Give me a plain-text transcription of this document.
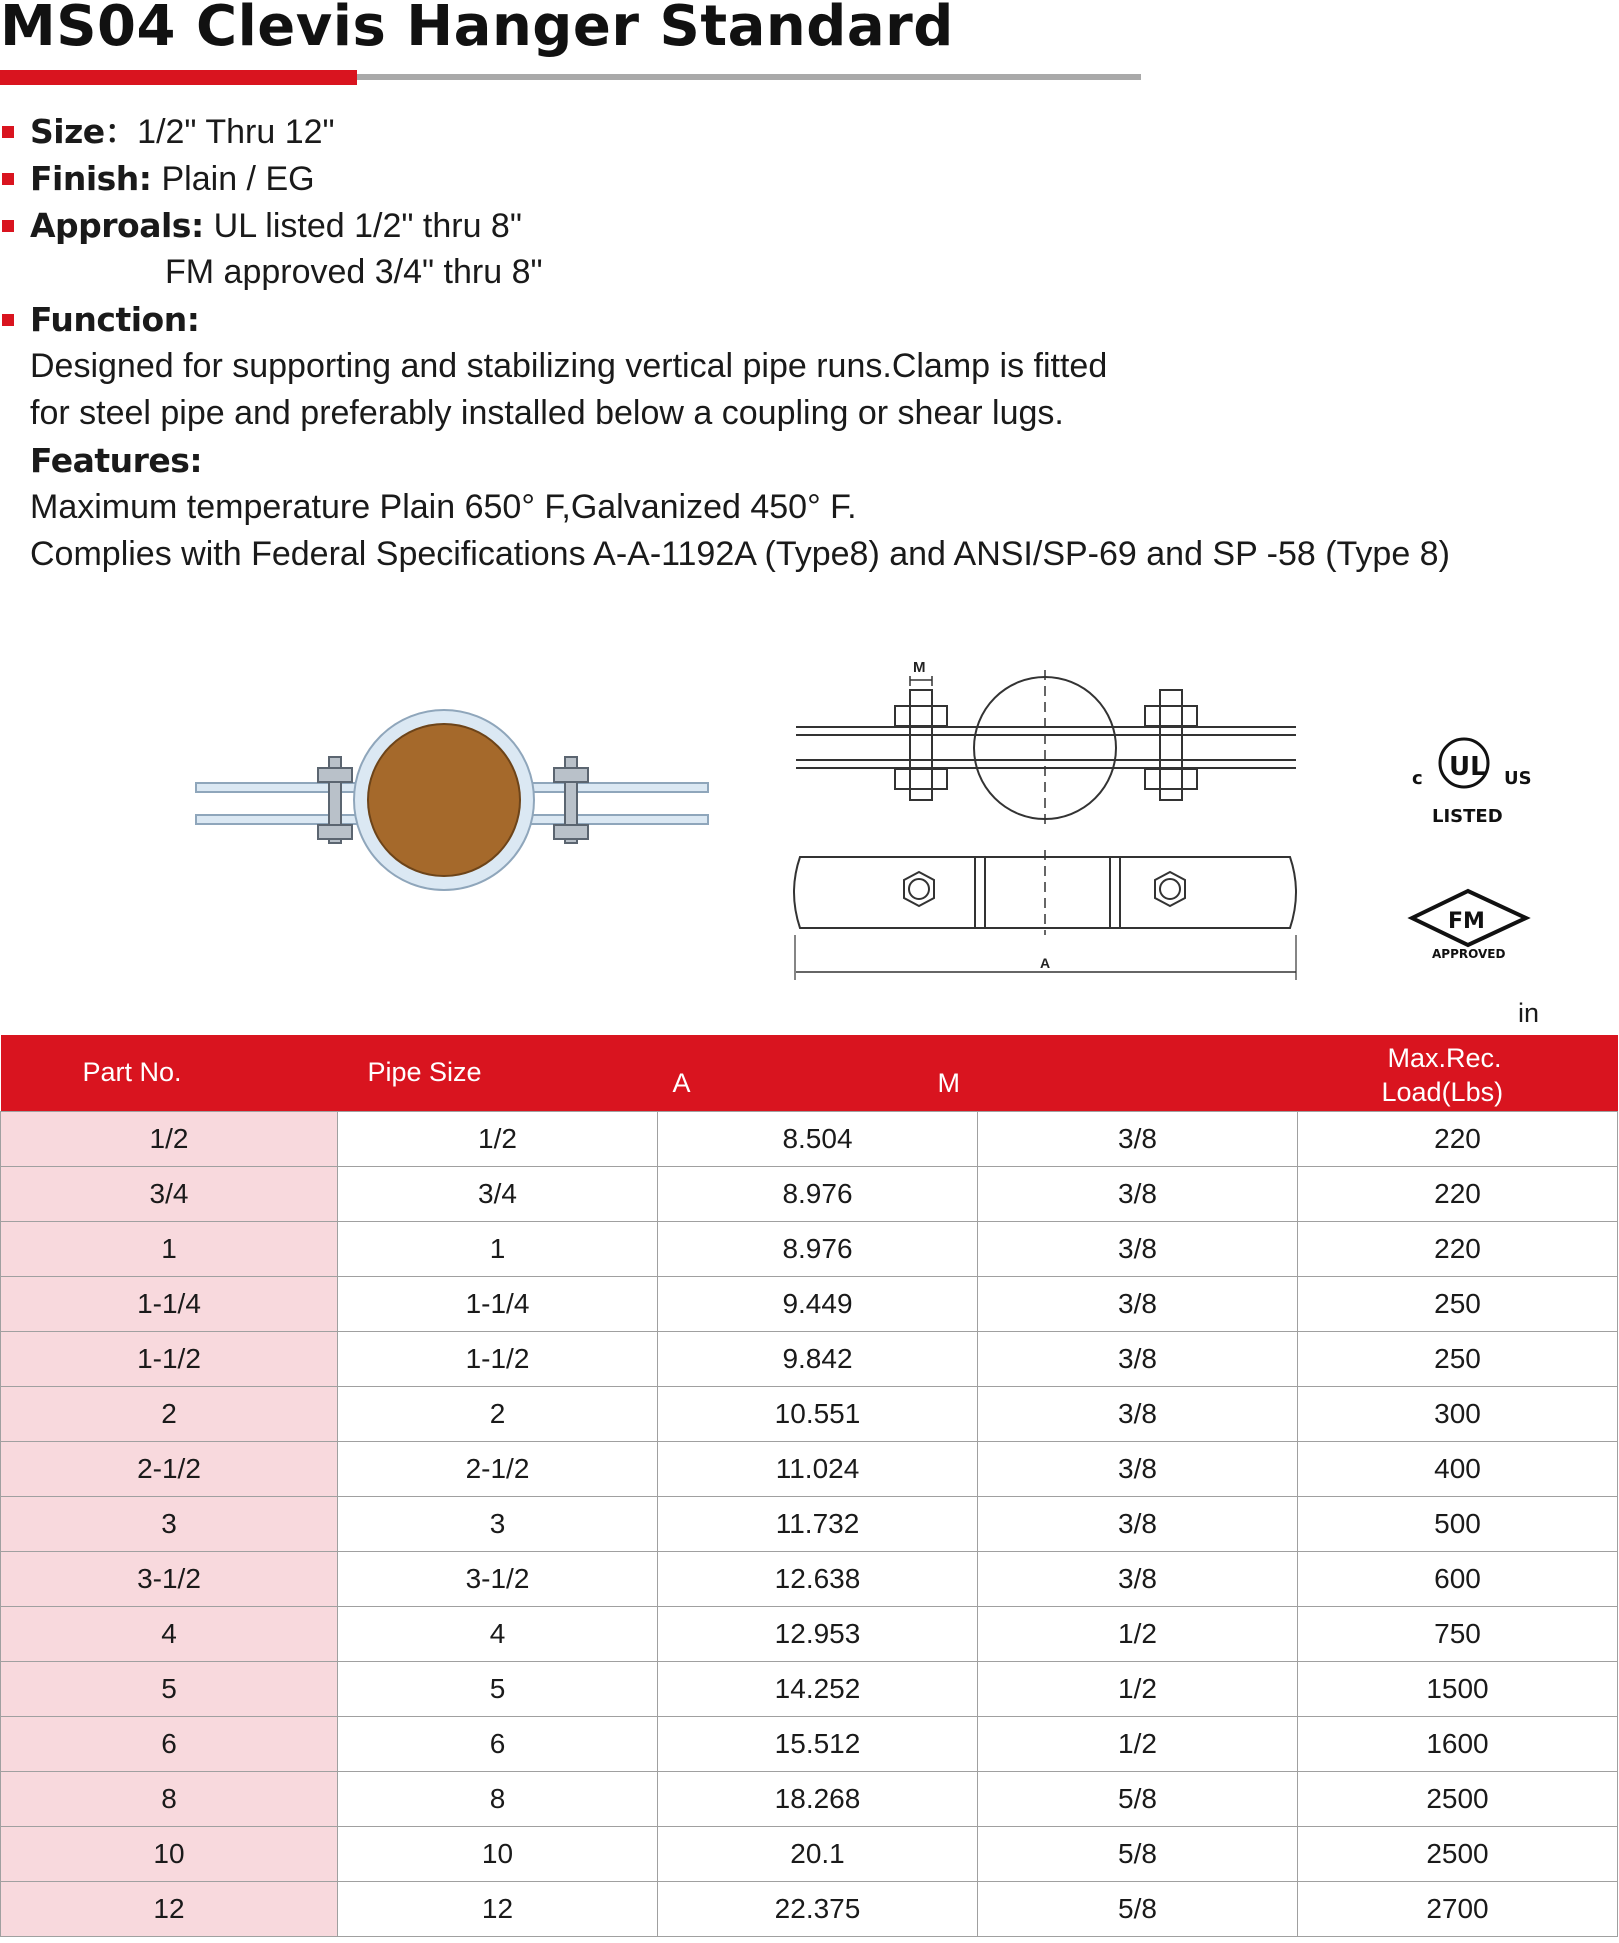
MS04 Clevis Hanger Standard
Size：1/2" Thru 12"
Finish: Plain / EG
Approals: UL listed 1/2" thru 8"
FM approved 3/4" thru 8"
Function:
Designed for supporting and stabilizing vertical pipe runs.Clamp is fitted
for steel pipe and preferably installed below a coupling or shear lugs.
Features:
Maximum temperature Plain 650° F,Galvanized 450° F.
Complies with Federal Specifications A-A-1192A (Type8) and ANSI/SP-69 and SP -58 (Type 8)
M
A
UL
c	US
LISTED
FM
APPROVED
in
Part No.	Pipe Size	A	M	Max.Rec.
Load(Lbs)

1/2	1/2	8.504	3/8	220
3/4	3/4	8.976	3/8	220
1	1	8.976	3/8	220
1-1/4	1-1/4	9.449	3/8	250
1-1/2	1-1/2	9.842	3/8	250
2	2	10.551	3/8	300
2-1/2	2-1/2	11.024	3/8	400
3	3	11.732	3/8	500
3-1/2	3-1/2	12.638	3/8	600
4	4	12.953	1/2	750
5	5	14.252	1/2	1500
6	6	15.512	1/2	1600
8	8	18.268	5/8	2500
10	10	20.1	5/8	2500
12	12	22.375	5/8	2700
